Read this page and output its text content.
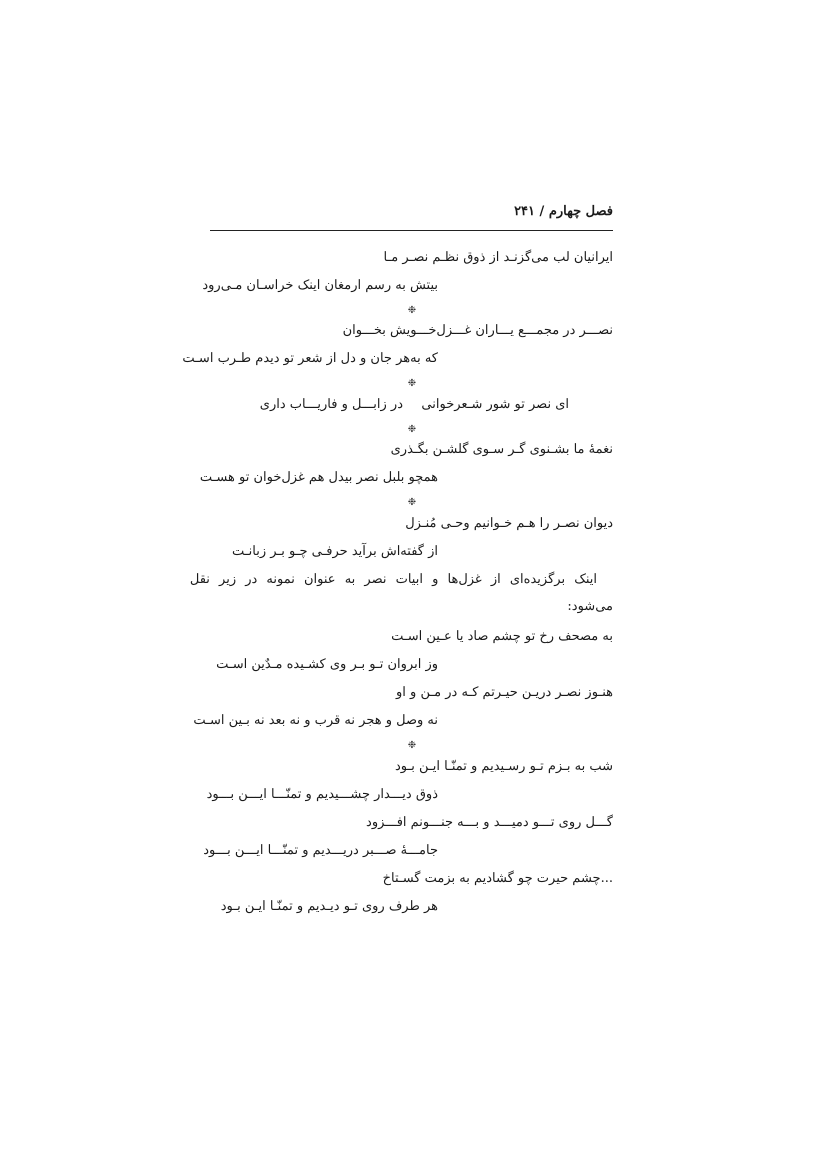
فصل چهارم / ۲۴۱
ایرانیان لب می‌گزنـد از ذوق نظـم نصـر مـا
بیتش به رسم ارمغان اینک خراسـان مـی‌رود
❉
نصـــر در مجمـــع یـــاران غـــزل‌خـــویش بخـــوان
که به‌هر جان و دل از شعر تو دیدم طـرب اسـت
❉
ای نصر تو شور شـعرخوانی
در زابـــل و فاریـــاب داری
❉
نغمهٔ ما بشـنوی گـر سـوی گلشـن بگـذری
همچو بلبل نصر بیدل هم غزل‌خوان تو هسـت
❉
دیوان نصـر را هـم خـوانیم وحـی مُنـزل
از گفته‌اش برآید حرفـی چـو بـر زبانـت
اینک برگزیده‌ای از غزل‌ها و ابیات نصر به عنوان نمونه در زیر نقل
می‌شود:
به مصحف رخ تو چشم صاد یا عـین اسـت
وز ابروان تـو بـر وی کشـیده مـدٌین اسـت
هنـوز نصـر دریـن حیـرتم کـه در مـن و او
نه وصل و هجر نه قرب و نه بعد نه بـین اسـت
❉
شب به بـزم تـو رسـیدیم و تمنّـا ایـن بـود
ذوق دیـــدار چشـــیدیم و تمنّـــا ایـــن بـــود
گـــل روی تـــو دمیـــد و بـــه جنـــونم افـــزود
جامـــهٔ صـــبر دریـــدیم و تمنّـــا ایـــن بـــود
...چشم حیرت چو گشادیم به بزمت گسـتاخ
هر طرف روی تـو دیـدیم و تمنّـا ایـن بـود
